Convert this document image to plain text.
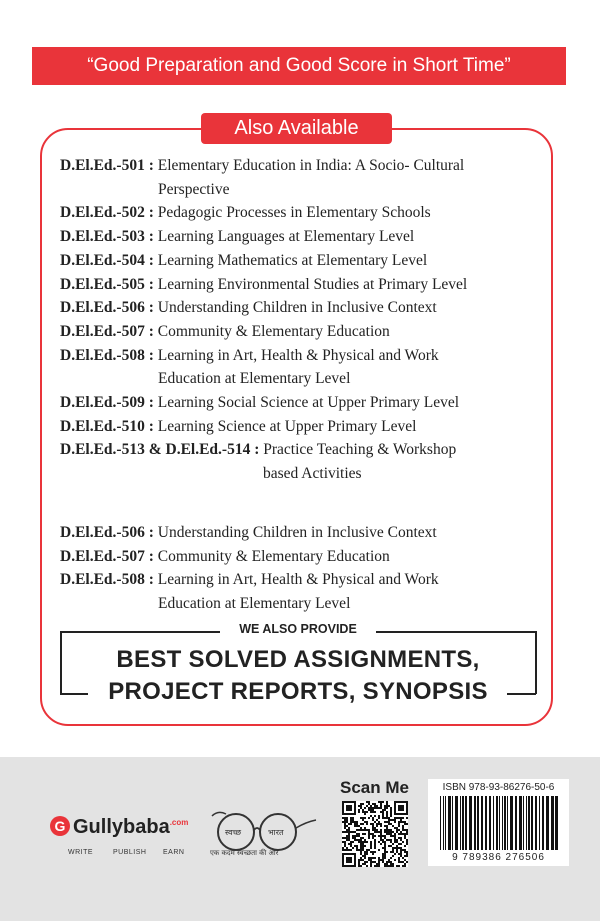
“Good Preparation and Good Score in Short Time”
Also Available
D.El.Ed.-501 : Elementary Education in India: A Socio- Cultural
Perspective
D.El.Ed.-502 : Pedagogic Processes in Elementary Schools
D.El.Ed.-503 : Learning Languages at Elementary Level
D.El.Ed.-504 : Learning Mathematics at Elementary Level
D.El.Ed.-505 : Learning Environmental Studies at Primary Level
D.El.Ed.-506 : Understanding Children in Inclusive Context
D.El.Ed.-507 : Community & Elementary Education
D.El.Ed.-508 : Learning in Art, Health & Physical and Work
Education at Elementary Level
D.El.Ed.-509 : Learning Social Science at Upper Primary Level
D.El.Ed.-510 : Learning Science at Upper Primary Level
D.El.Ed.-513 & D.El.Ed.-514 : Practice Teaching & Workshop
based Activities
D.El.Ed.-506 : Understanding Children in Inclusive Context
D.El.Ed.-507 : Community & Elementary Education
D.El.Ed.-508 : Learning in Art, Health & Physical and Work
Education at Elementary Level
WE ALSO PROVIDE
BEST SOLVED ASSIGNMENTS,
PROJECT REPORTS, SYNOPSIS
G Gullybaba$^{.com}$
WRITE	PUBLISH EARN
स्वच्छ	भारत
एक कदम स्वच्छता की ओर
Scan Me	ISBN 978-93-86276-50-6
9 789386 276506
